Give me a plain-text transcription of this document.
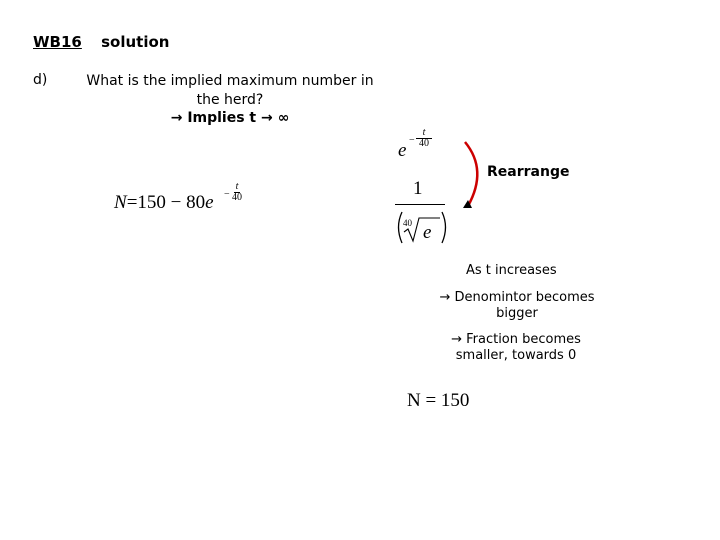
WB16 solution
d)	What is the implied maximum number in the herd?
→ Implies t → ∞
N=150 − 80e −
t
40
e −
t
40
1
40 e
Rearrange
As t increases
→ Denomintor becomes bigger
→ Fraction becomes smaller, towards 0
N = 150
